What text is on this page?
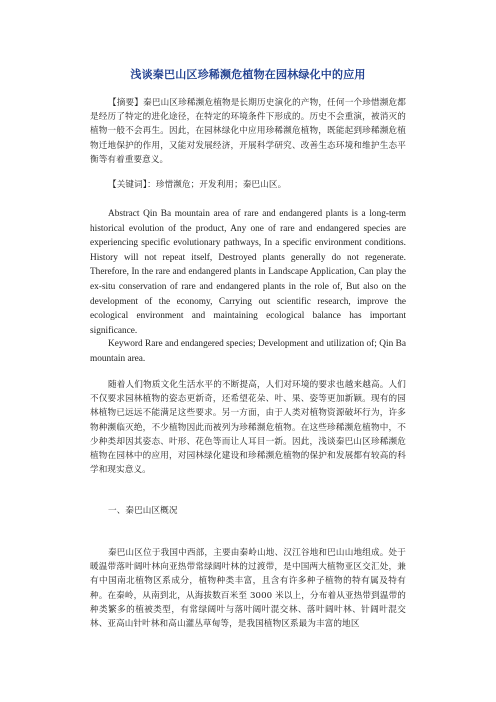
浅谈秦巴山区珍稀濒危植物在园林绿化中的应用
【摘要】秦巴山区珍稀濒危植物是长期历史演化的产物，任何一个珍惜濒危都是经历了特定的进化途径，在特定的环境条件下形成的。历史不会重演，被消灭的植物一般不会再生。因此，在园林绿化中应用珍稀濒危植物，既能起到珍稀濒危植物迁地保护的作用，又能对发展经济，开展科学研究、改善生态环境和维护生态平衡等有着重要意义。
【关键词】：珍惜濒危；开发利用；秦巴山区。
Abstract Qin Ba mountain area of rare and endangered plants is a long-term historical evolution of the product, Any one of rare and endangered species are experiencing specific evolutionary pathways, In a specific environment conditions. History will not repeat itself, Destroyed plants generally do not regenerate. Therefore, In the rare and endangered plants in Landscape Application, Can play the ex-situ conservation of rare and endangered plants in the role of, But also on the development of the economy, Carrying out scientific research, improve the ecological environment and maintaining ecological balance has important significance.
Keyword Rare and endangered species; Development and utilization of; Qin Ba mountain area.
随着人们物质文化生活水平的不断提高，人们对环境的要求也越来越高。人们不仅要求园林植物的姿态更新奇，还希望花朵、叶、果、姿等更加新颖。现有的园林植物已远远不能满足这些要求。另一方面，由于人类对植物资源破坏行为，许多物种濒临灭绝，不少植物因此而被列为珍稀濒危植物。在这些珍稀濒危植物中，不少种类却因其姿态、叶形、花色等而让人耳目一新。因此，浅谈秦巴山区珍稀濒危植物在园林中的应用，对园林绿化建设和珍稀濒危植物的保护和发展都有较高的科学和现实意义。
一、秦巴山区概况
秦巴山区位于我国中西部，主要由秦岭山地、汉江谷地和巴山山地组成。处于暖温带落叶阔叶林向亚热带常绿阔叶林的过渡带，是中国两大植物亚区交汇处，兼有中国南北植物区系成分，植物种类丰富，且含有许多种子植物的特有属及特有种。在秦岭，从南到北，从海拔数百米至 3000 米以上，分布着从亚热带到温带的种类繁多的植被类型，有常绿阔叶与落叶阔叶混交林、落叶阔叶林、针阔叶混交林、亚高山针叶林和高山灌丛草甸等，是我国植物区系最为丰富的地区
